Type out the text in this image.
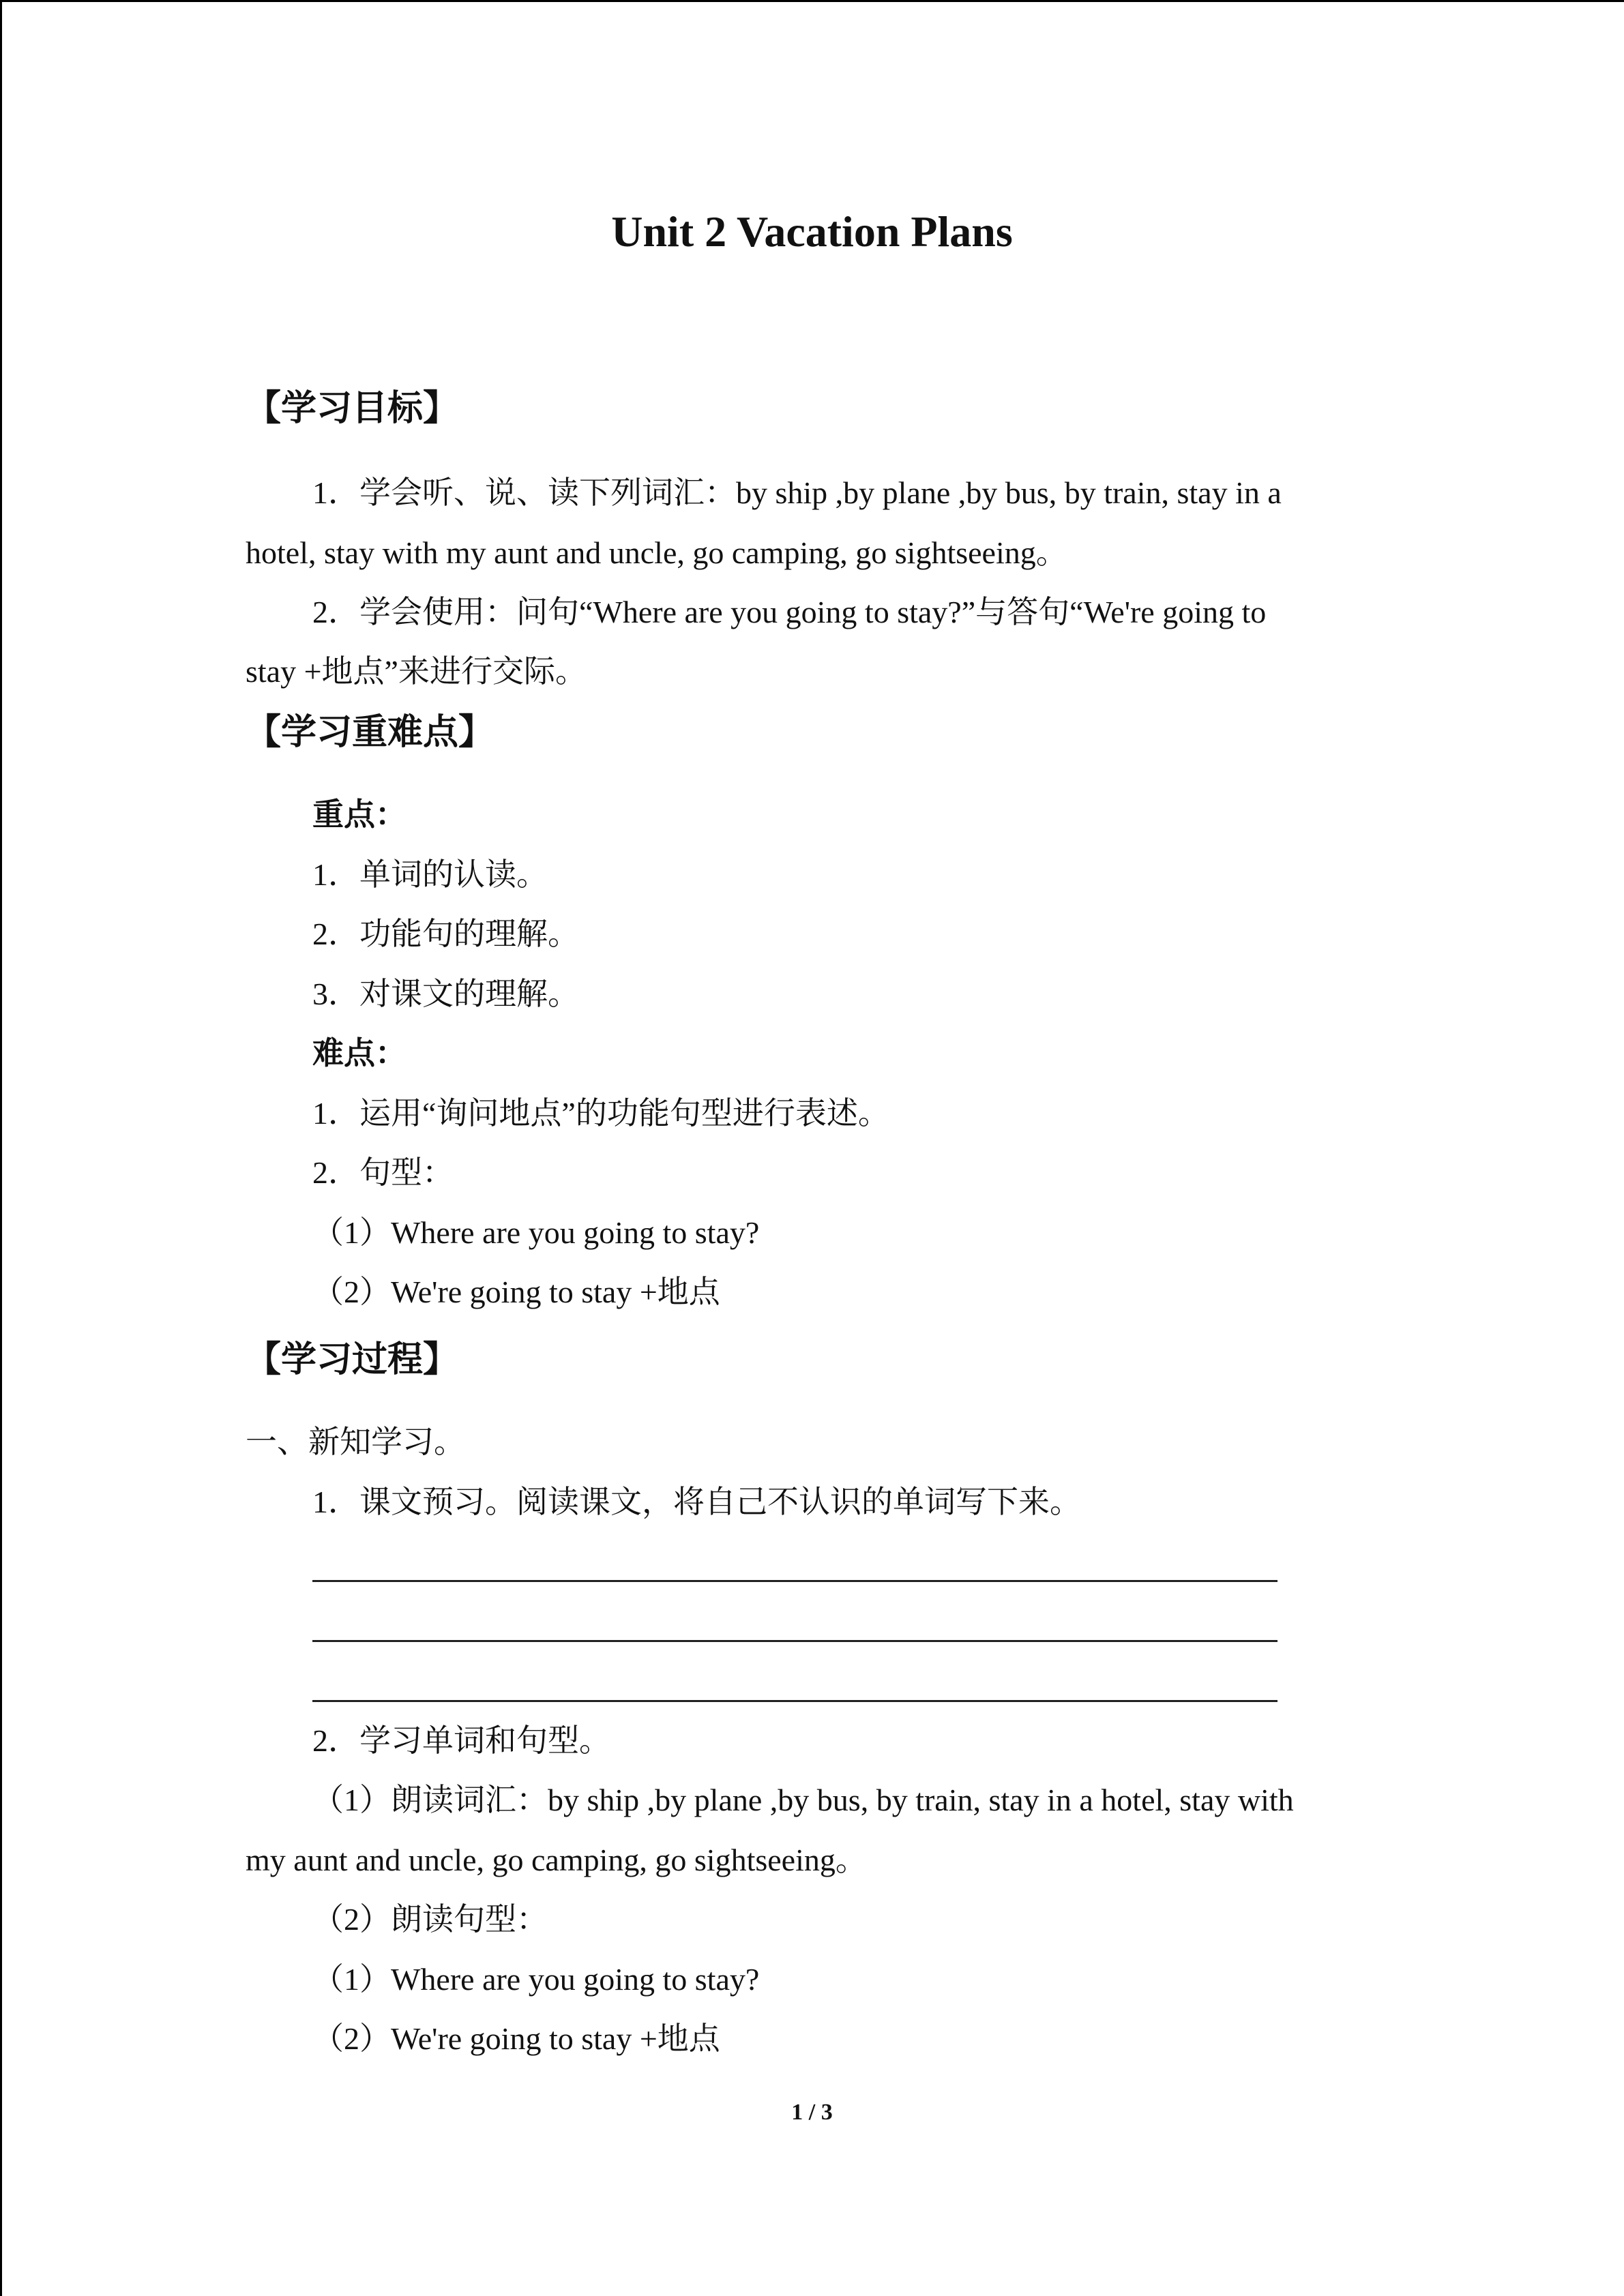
Unit 2 Vacation Plans
【学习目标】
1．学会听、说、读下列词汇：by ship ,by plane ,by bus, by train, stay in a
hotel, stay with my aunt and uncle, go camping, go sightseeing。
2．学会使用：问句“Where are you going to stay?”与答句“We're going to
stay +地点”来进行交际。
【学习重难点】
重点：
1．单词的认读。
2．功能句的理解。
3．对课文的理解。
难点：
1．运用“询问地点”的功能句型进行表述。
2．句型：
（1）Where are you going to stay?
（2）We're going to stay +地点
【学习过程】
一、新知学习。
1．课文预习。阅读课文，将自己不认识的单词写下来。
2．学习单词和句型。
（1）朗读词汇：by ship ,by plane ,by bus, by train, stay in a hotel, stay with
my aunt and uncle, go camping, go sightseeing。
（2）朗读句型：
（1）Where are you going to stay?
（2）We're going to stay +地点
1 / 3
